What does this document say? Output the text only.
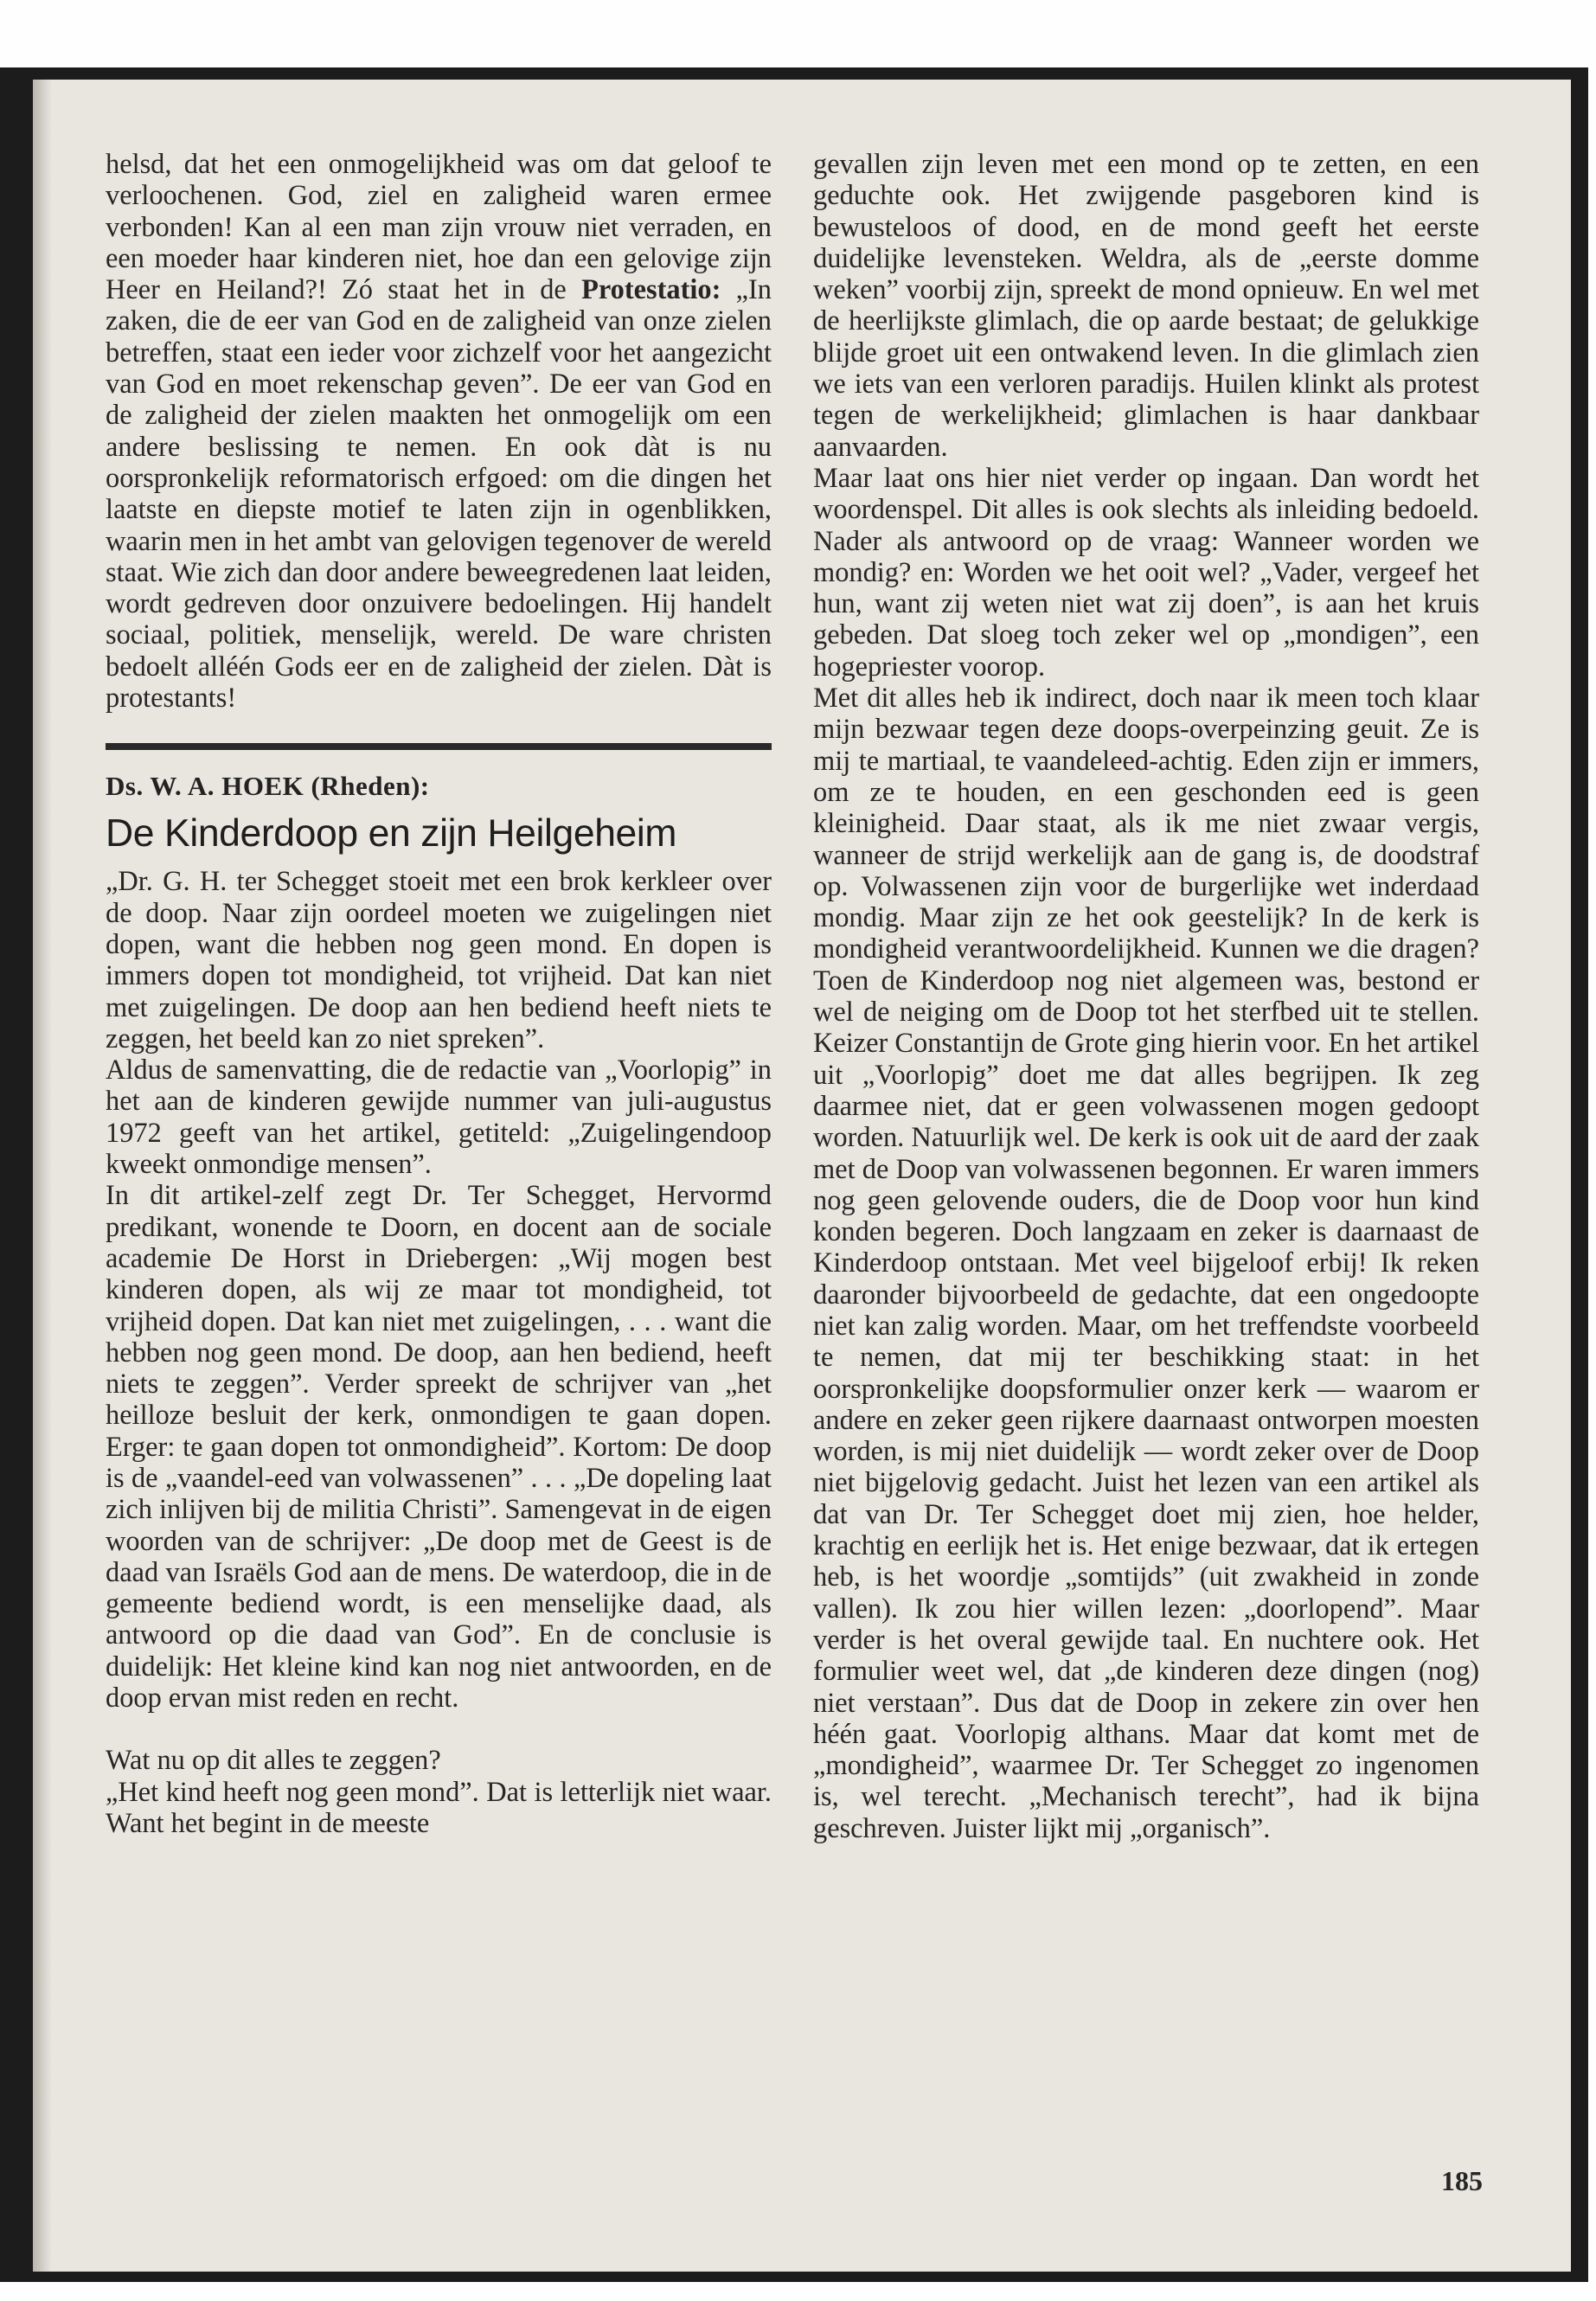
helsd, dat het een onmogelijkheid was om dat geloof te verloochenen. God, ziel en zaligheid waren ermee verbonden! Kan al een man zijn vrouw niet verraden, en een moeder haar kinderen niet, hoe dan een gelovige zijn Heer en Heiland?! Zó staat het in de Protestatio: „In zaken, die de eer van God en de zaligheid van onze zielen betreffen, staat een ieder voor zichzelf voor het aangezicht van God en moet rekenschap geven”. De eer van God en de zaligheid der zielen maakten het onmogelijk om een andere beslissing te nemen. En ook dàt is nu oorspronkelijk reformatorisch erfgoed: om die dingen het laatste en diepste motief te laten zijn in ogenblikken, waarin men in het ambt van gelovigen tegenover de wereld staat. Wie zich dan door andere beweegredenen laat leiden, wordt gedreven door onzuivere bedoelingen. Hij handelt sociaal, politiek, menselijk, wereld. De ware christen bedoelt alléén Gods eer en de zaligheid der zielen. Dàt is protestants!

Ds. W. A. HOEK (Rheden):
De Kinderdoop en zijn Heilgeheim

„Dr. G. H. ter Schegget stoeit met een brok kerkleer over de doop. Naar zijn oordeel moeten we zuigelingen niet dopen, want die hebben nog geen mond. En dopen is immers dopen tot mondigheid, tot vrijheid. Dat kan niet met zuigelingen. De doop aan hen bediend heeft niets te zeggen, het beeld kan zo niet spreken”.

Aldus de samenvatting, die de redactie van „Voorlopig” in het aan de kinderen gewijde nummer van juli-augustus 1972 geeft van het artikel, getiteld: „Zuigelingendoop kweekt onmondige mensen”.

In dit artikel-zelf zegt Dr. Ter Schegget, Hervormd predikant, wonende te Doorn, en docent aan de sociale academie De Horst in Driebergen: „Wij mogen best kinderen dopen, als wij ze maar tot mondigheid, tot vrijheid dopen. Dat kan niet met zuigelingen, . . . want die hebben nog geen mond. De doop, aan hen bediend, heeft niets te zeggen”. Verder spreekt de schrijver van „het heilloze besluit der kerk, onmondigen te gaan dopen. Erger: te gaan dopen tot onmondigheid”. Kortom: De doop is de „vaandel-eed van volwassenen” . . . „De dopeling laat zich inlijven bij de militia Christi”. Samengevat in de eigen woorden van de schrijver: „De doop met de Geest is de daad van Israëls God aan de mens. De waterdoop, die in de gemeente bediend wordt, is een menselijke daad, als antwoord op die daad van God”. En de conclusie is duidelijk: Het kleine kind kan nog niet antwoorden, en de doop ervan mist reden en recht.

Wat nu op dit alles te zeggen?

„Het kind heeft nog geen mond”. Dat is letterlijk niet waar. Want het begint in de meeste

gevallen zijn leven met een mond op te zetten, en een geduchte ook. Het zwijgende pasgeboren kind is bewusteloos of dood, en de mond geeft het eerste duidelijke levensteken. Weldra, als de „eerste domme weken” voorbij zijn, spreekt de mond opnieuw. En wel met de heerlijkste glimlach, die op aarde bestaat; de gelukkige blijde groet uit een ontwakend leven. In die glimlach zien we iets van een verloren paradijs. Huilen klinkt als protest tegen de werkelijkheid; glimlachen is haar dankbaar aanvaarden.

Maar laat ons hier niet verder op ingaan. Dan wordt het woordenspel. Dit alles is ook slechts als inleiding bedoeld. Nader als antwoord op de vraag: Wanneer worden we mondig? en: Worden we het ooit wel? „Vader, vergeef het hun, want zij weten niet wat zij doen”, is aan het kruis gebeden. Dat sloeg toch zeker wel op „mondigen”, een hogepriester voorop.

Met dit alles heb ik indirect, doch naar ik meen toch klaar mijn bezwaar tegen deze doops-overpeinzing geuit. Ze is mij te martiaal, te vaandeleed-achtig. Eden zijn er immers, om ze te houden, en een geschonden eed is geen kleinigheid. Daar staat, als ik me niet zwaar vergis, wanneer de strijd werkelijk aan de gang is, de doodstraf op. Volwassenen zijn voor de burgerlijke wet inderdaad mondig. Maar zijn ze het ook geestelijk? In de kerk is mondigheid verantwoordelijkheid. Kunnen we die dragen? Toen de Kinderdoop nog niet algemeen was, bestond er wel de neiging om de Doop tot het sterfbed uit te stellen. Keizer Constantijn de Grote ging hierin voor. En het artikel uit „Voorlopig” doet me dat alles begrijpen. Ik zeg daarmee niet, dat er geen volwassenen mogen gedoopt worden. Natuurlijk wel. De kerk is ook uit de aard der zaak met de Doop van volwassenen begonnen. Er waren immers nog geen gelovende ouders, die de Doop voor hun kind konden begeren. Doch langzaam en zeker is daarnaast de Kinderdoop ontstaan. Met veel bijgeloof erbij! Ik reken daaronder bijvoorbeeld de gedachte, dat een ongedoopte niet kan zalig worden. Maar, om het treffendste voorbeeld te nemen, dat mij ter beschikking staat: in het oorspronkelijke doopsformulier onzer kerk — waarom er andere en zeker geen rijkere daarnaast ontworpen moesten worden, is mij niet duidelijk — wordt zeker over de Doop niet bijgelovig gedacht. Juist het lezen van een artikel als dat van Dr. Ter Schegget doet mij zien, hoe helder, krachtig en eerlijk het is. Het enige bezwaar, dat ik ertegen heb, is het woordje „somtijds” (uit zwakheid in zonde vallen). Ik zou hier willen lezen: „doorlopend”. Maar verder is het overal gewijde taal. En nuchtere ook. Het formulier weet wel, dat „de kinderen deze dingen (nog) niet verstaan”. Dus dat de Doop in zekere zin over hen héén gaat. Voorlopig althans. Maar dat komt met de „mondigheid”, waarmee Dr. Ter Schegget zo ingenomen is, wel terecht. „Mechanisch terecht”, had ik bijna geschreven. Juister lijkt mij „organisch”.

185
